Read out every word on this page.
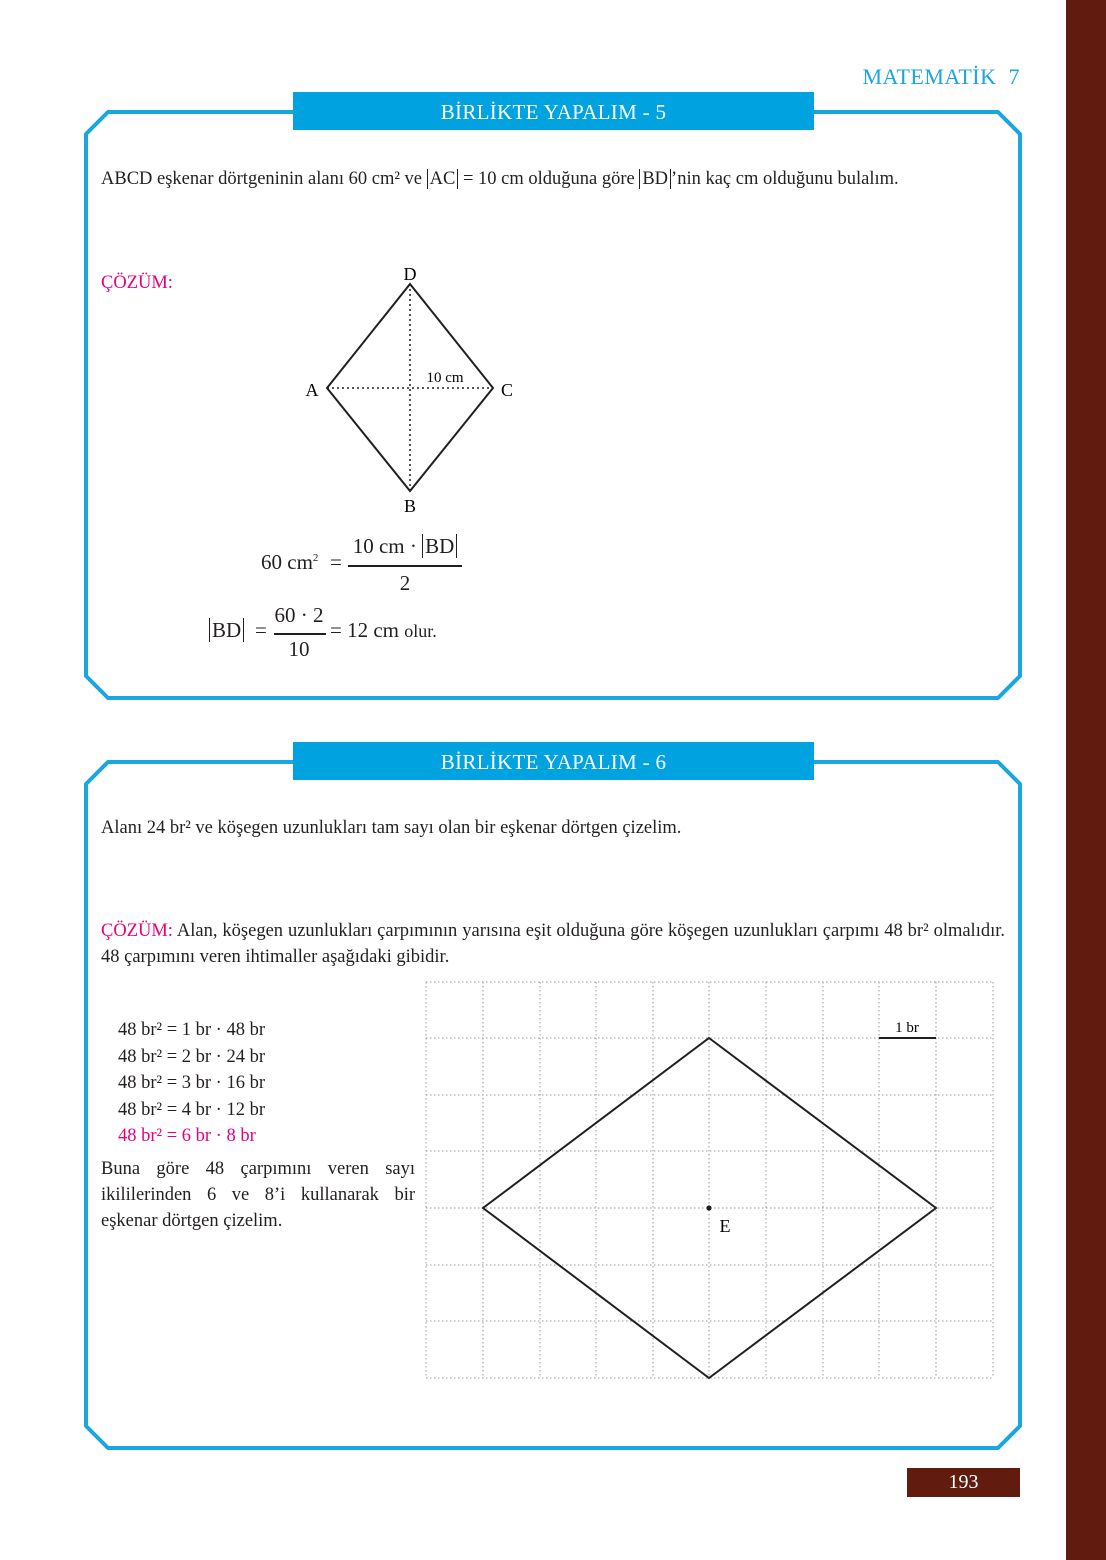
MATEMATİK 7
BİRLİKTE YAPALIM - 5
ABCD eşkenar dörtgeninin alanı 60 cm² ve AC = 10 cm olduğuna göre BD ’nin kaç cm olduğunu bulalım.
ÇÖZÜM:	D
A	C
B
10 cm
60 $cm^2$ =
10 cm · BD
2
BD =
60 · 2
10
= 12 cm olur.
BİRLİKTE YAPALIM - 6
Alanı 24 br² ve köşegen uzunlukları tam sayı olan bir eşkenar dörtgen çizelim.
ÇÖZÜM: Alan, köşegen uzunlukları çarpımının yarısına eşit olduğuna göre köşegen uzunlukları çarpımı 48 br² olmalıdır. 48 çarpımını veren ihtimaller aşağıdaki gibidir.
48 br² = 1 br · 48 br
48 br² = 2 br · 24 br
48 br² = 3 br · 16 br
48 br² = 4 br · 12 br
48 br² = 6 br · 8 br
Buna göre 48 çarpımını veren sayı ikililerinden 6 ve 8’i kullanarak bir eşkenar dörtgen çizelim.	E
1 br
193
